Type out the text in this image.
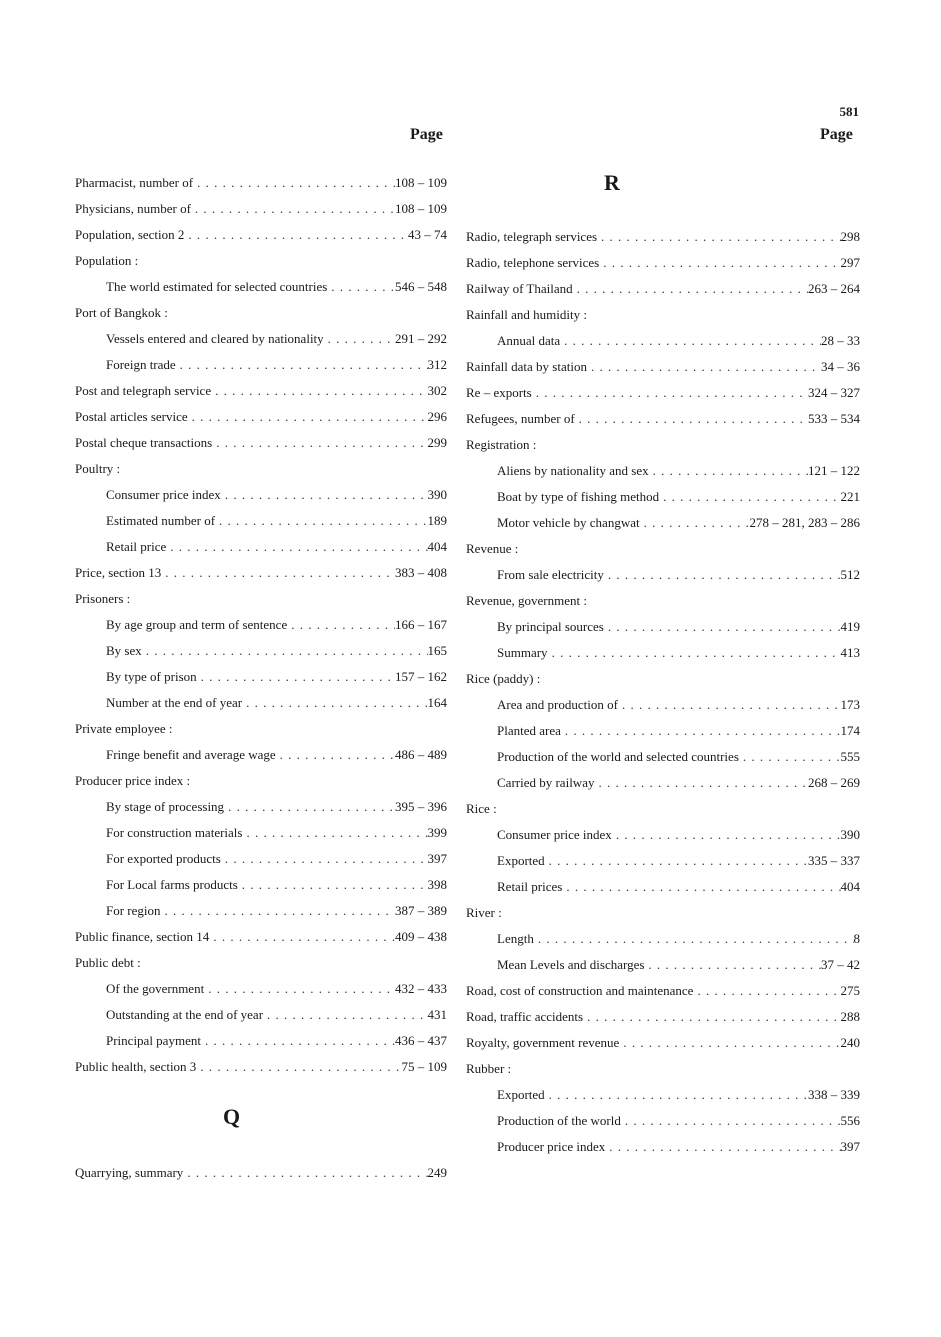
581
Page
Pharmacist, number of . . .	108 – 109
Physicians, number of . . .	108 – 109
Population, section 2 . . .	43 – 74
Population :
The world estimated for selected countries . . .	546 – 548
Port of Bangkok :
Vessels entered and cleared by nationality . . .	291 – 292
Foreign trade . . .	312
Post and telegraph service . . .	302
Postal articles service . . .	296
Postal cheque transactions . . .	299
Poultry :
Consumer price index . . .	390
Estimated number of . . .	189
Retail price . . .	404
Price, section 13 . . .	383 – 408
Prisoners :
By age group and term of sentence . . .	166 – 167
By sex . . .	165
By type of prison . . .	157 – 162
Number at the end of year . . .	164
Private employee :
Fringe benefit and average wage . . .	486 – 489
Producer price index :
By stage of processing . . .	395 – 396
For construction materials . . .	399
For exported products . . .	397
For Local farms products . . .	398
For region . . .	387 – 389
Public finance, section 14 . . .	409 – 438
Public debt :
Of the government . . .	432 – 433
Outstanding at the end of year . . .	431
Principal payment . . .	436 – 437
Public health, section 3 . . .	75 – 109
Q
Quarrying, summary . . .	249
Page
R
Radio, telegraph services . . .	298
Radio, telephone services . . .	297
Railway of Thailand . . .	263 – 264
Rainfall and humidity :
Annual data . . .	28 – 33
Rainfall data by station . . .	34 – 36
Re – exports . . .	324 – 327
Refugees, number of . . .	533 – 534
Registration :
Aliens by nationality and sex . . .	121 – 122
Boat by type of fishing method . . .	221
Motor vehicle by changwat . . .	278 – 281, 283 – 286
Revenue :
From sale electricity . . .	512
Revenue, government :
By principal sources . . .	419
Summary . . .	413
Rice (paddy) :
Area and production of . . .	173
Planted area . . .	174
Production of the world and selected countries . . .	555
Carried by railway . . .	268 – 269
Rice :
Consumer price index . . .	390
Exported . . .	335 – 337
Retail prices . . .	404
River :
Length . . .	8
Mean Levels and discharges . . .	37 – 42
Road, cost of construction and maintenance . . .	275
Road, traffic accidents . . .	288
Royalty, government revenue . . .	240
Rubber :
Exported . . .	338 – 339
Production of the world . . .	556
Producer price index . . .	397
